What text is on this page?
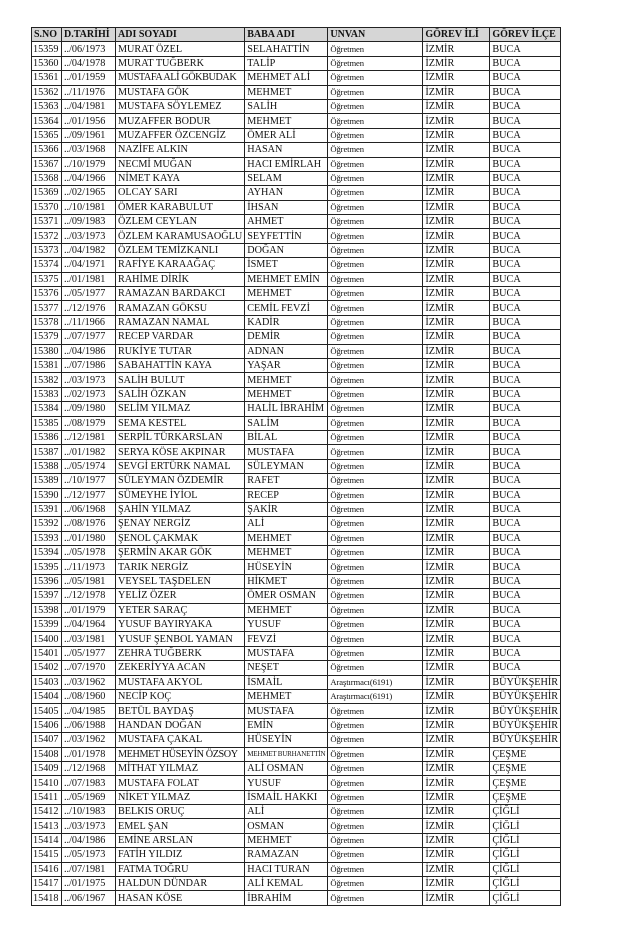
S.NO	D.TARİHİ	ADI SOYADI	BABA ADI	UNVAN	GÖREV İLİ	GÖREV İLÇE
15359	../06/1973	MURAT ÖZEL	SELAHATTİN	Öğretmen	İZMİR	BUCA
15360	../04/1978	MURAT TUĞBERK	TALİP	Öğretmen	İZMİR	BUCA
15361	../01/1959	MUSTAFA ALİ GÖKBUDAK	MEHMET ALİ	Öğretmen	İZMİR	BUCA
15362	../11/1976	MUSTAFA GÖK	MEHMET	Öğretmen	İZMİR	BUCA
15363	../04/1981	MUSTAFA SÖYLEMEZ	SALİH	Öğretmen	İZMİR	BUCA
15364	../01/1956	MUZAFFER BODUR	MEHMET	Öğretmen	İZMİR	BUCA
15365	../09/1961	MUZAFFER ÖZCENGİZ	ÖMER ALİ	Öğretmen	İZMİR	BUCA
15366	../03/1968	NAZİFE ALKIN	HASAN	Öğretmen	İZMİR	BUCA
15367	../10/1979	NECMİ MUĞAN	HACI EMİRLAH	Öğretmen	İZMİR	BUCA
15368	../04/1966	NİMET KAYA	SELAM	Öğretmen	İZMİR	BUCA
15369	../02/1965	OLCAY SARI	AYHAN	Öğretmen	İZMİR	BUCA
15370	../10/1981	ÖMER KARABULUT	İHSAN	Öğretmen	İZMİR	BUCA
15371	../09/1983	ÖZLEM CEYLAN	AHMET	Öğretmen	İZMİR	BUCA
15372	../03/1973	ÖZLEM KARAMUSAOĞLU	SEYFETTİN	Öğretmen	İZMİR	BUCA
15373	../04/1982	ÖZLEM TEMİZKANLI	DOĞAN	Öğretmen	İZMİR	BUCA
15374	../04/1971	RAFİYE KARAAĞAÇ	İSMET	Öğretmen	İZMİR	BUCA
15375	../01/1981	RAHİME DİRİK	MEHMET EMİN	Öğretmen	İZMİR	BUCA
15376	../05/1977	RAMAZAN BARDAKCI	MEHMET	Öğretmen	İZMİR	BUCA
15377	../12/1976	RAMAZAN GÖKSU	CEMİL FEVZİ	Öğretmen	İZMİR	BUCA
15378	../11/1966	RAMAZAN NAMAL	KADİR	Öğretmen	İZMİR	BUCA
15379	../07/1977	RECEP VARDAR	DEMİR	Öğretmen	İZMİR	BUCA
15380	../04/1986	RUKİYE TUTAR	ADNAN	Öğretmen	İZMİR	BUCA
15381	../07/1986	SABAHATTİN KAYA	YAŞAR	Öğretmen	İZMİR	BUCA
15382	../03/1973	SALİH BULUT	MEHMET	Öğretmen	İZMİR	BUCA
15383	../02/1973	SALİH ÖZKAN	MEHMET	Öğretmen	İZMİR	BUCA
15384	../09/1980	SELİM YILMAZ	HALİL İBRAHİM	Öğretmen	İZMİR	BUCA
15385	../08/1979	SEMA KESTEL	SALİM	Öğretmen	İZMİR	BUCA
15386	../12/1981	SERPİL TÜRKARSLAN	BİLAL	Öğretmen	İZMİR	BUCA
15387	../01/1982	SERYA KÖSE AKPINAR	MUSTAFA	Öğretmen	İZMİR	BUCA
15388	../05/1974	SEVGİ ERTÜRK NAMAL	SÜLEYMAN	Öğretmen	İZMİR	BUCA
15389	../10/1977	SÜLEYMAN ÖZDEMİR	RAFET	Öğretmen	İZMİR	BUCA
15390	../12/1977	SÜMEYHE İYİOL	RECEP	Öğretmen	İZMİR	BUCA
15391	../06/1968	ŞAHİN YILMAZ	ŞAKİR	Öğretmen	İZMİR	BUCA
15392	../08/1976	ŞENAY NERGİZ	ALİ	Öğretmen	İZMİR	BUCA
15393	../01/1980	ŞENOL ÇAKMAK	MEHMET	Öğretmen	İZMİR	BUCA
15394	../05/1978	ŞERMİN AKAR GÖK	MEHMET	Öğretmen	İZMİR	BUCA
15395	../11/1973	TARIK NERGİZ	HÜSEYİN	Öğretmen	İZMİR	BUCA
15396	../05/1981	VEYSEL TAŞDELEN	HİKMET	Öğretmen	İZMİR	BUCA
15397	../12/1978	YELİZ ÖZER	ÖMER OSMAN	Öğretmen	İZMİR	BUCA
15398	../01/1979	YETER SARAÇ	MEHMET	Öğretmen	İZMİR	BUCA
15399	../04/1964	YUSUF BAYIRYAKA	YUSUF	Öğretmen	İZMİR	BUCA
15400	../03/1981	YUSUF ŞENBOL YAMAN	FEVZİ	Öğretmen	İZMİR	BUCA
15401	../05/1977	ZEHRA TUĞBERK	MUSTAFA	Öğretmen	İZMİR	BUCA
15402	../07/1970	ZEKERİYYA ACAN	NEŞET	Öğretmen	İZMİR	BUCA
15403	../03/1962	MUSTAFA AKYOL	İSMAİL	Araştırmacı(6191)	İZMİR	BÜYÜKŞEHİR
15404	../08/1960	NECİP KOÇ	MEHMET	Araştırmacı(6191)	İZMİR	BÜYÜKŞEHİR
15405	../04/1985	BETÜL BAYDAŞ	MUSTAFA	Öğretmen	İZMİR	BÜYÜKŞEHİR
15406	../06/1988	HANDAN DOĞAN	EMİN	Öğretmen	İZMİR	BÜYÜKŞEHİR
15407	../03/1962	MUSTAFA ÇAKAL	HÜSEYİN	Öğretmen	İZMİR	BÜYÜKŞEHİR
15408	../01/1978	MEHMET HÜSEYİN ÖZSOY	MEHMET BURHANETTİN	Öğretmen	İZMİR	ÇEŞME
15409	../12/1968	MİTHAT YILMAZ	ALİ OSMAN	Öğretmen	İZMİR	ÇEŞME
15410	../07/1983	MUSTAFA FOLAT	YUSUF	Öğretmen	İZMİR	ÇEŞME
15411	../05/1969	NİKET YILMAZ	İSMAİL HAKKI	Öğretmen	İZMİR	ÇEŞME
15412	../10/1983	BELKIS ORUÇ	ALİ	Öğretmen	İZMİR	ÇİĞLİ
15413	../03/1973	EMEL ŞAN	OSMAN	Öğretmen	İZMİR	ÇİĞLİ
15414	../04/1986	EMİNE ARSLAN	MEHMET	Öğretmen	İZMİR	ÇİĞLİ
15415	../05/1973	FATİH YILDIZ	RAMAZAN	Öğretmen	İZMİR	ÇİĞLİ
15416	../07/1981	FATMA TOĞRU	HACI TURAN	Öğretmen	İZMİR	ÇİĞLİ
15417	../01/1975	HALDUN DÜNDAR	ALİ KEMAL	Öğretmen	İZMİR	ÇİĞLİ
15418	../06/1967	HASAN KÖSE	İBRAHİM	Öğretmen	İZMİR	ÇİĞLİ
